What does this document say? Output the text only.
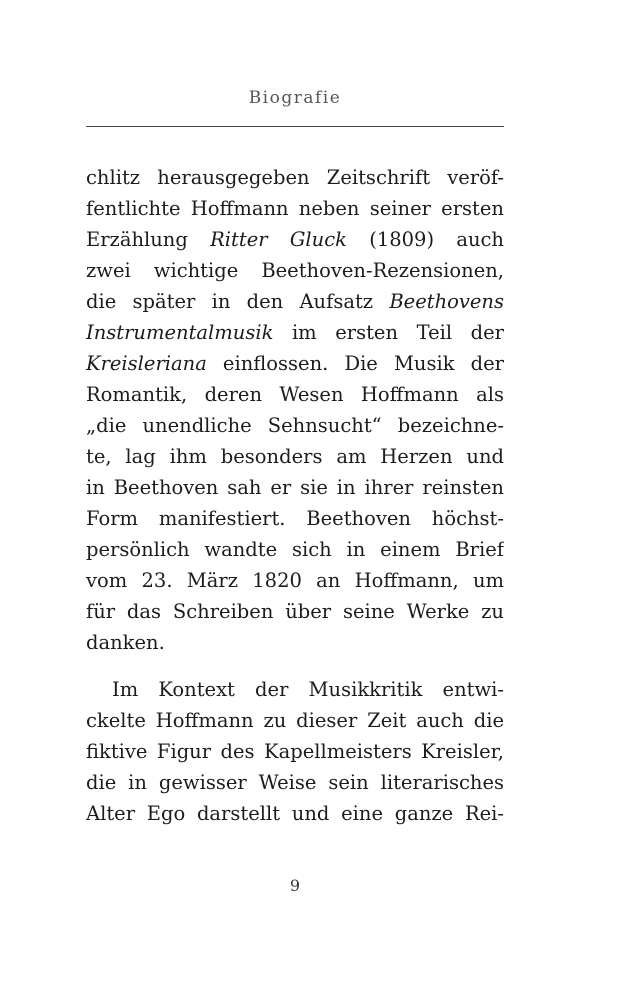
Biografie
chlitz herausgegeben Zeitschrift veröf-
fentlichte Hoffmann neben seiner ersten
Erzählung Ritter Gluck (1809) auch
zwei wichtige Beethoven-Rezensionen,
die später in den Aufsatz Beethovens
Instrumentalmusik im ersten Teil der
Kreisleriana einflossen. Die Musik der
Romantik, deren Wesen Hoffmann als
„die unendliche Sehnsucht“ bezeichne-
te, lag ihm besonders am Herzen und
in Beethoven sah er sie in ihrer reinsten
Form manifestiert. Beethoven höchst-
persönlich wandte sich in einem Brief
vom 23. März 1820 an Hoffmann, um
für das Schreiben über seine Werke zu
danken.
Im Kontext der Musikkritik entwi-
ckelte Hoffmann zu dieser Zeit auch die
fiktive Figur des Kapellmeisters Kreisler,
die in gewisser Weise sein literarisches
Alter Ego darstellt und eine ganze Rei-
9
